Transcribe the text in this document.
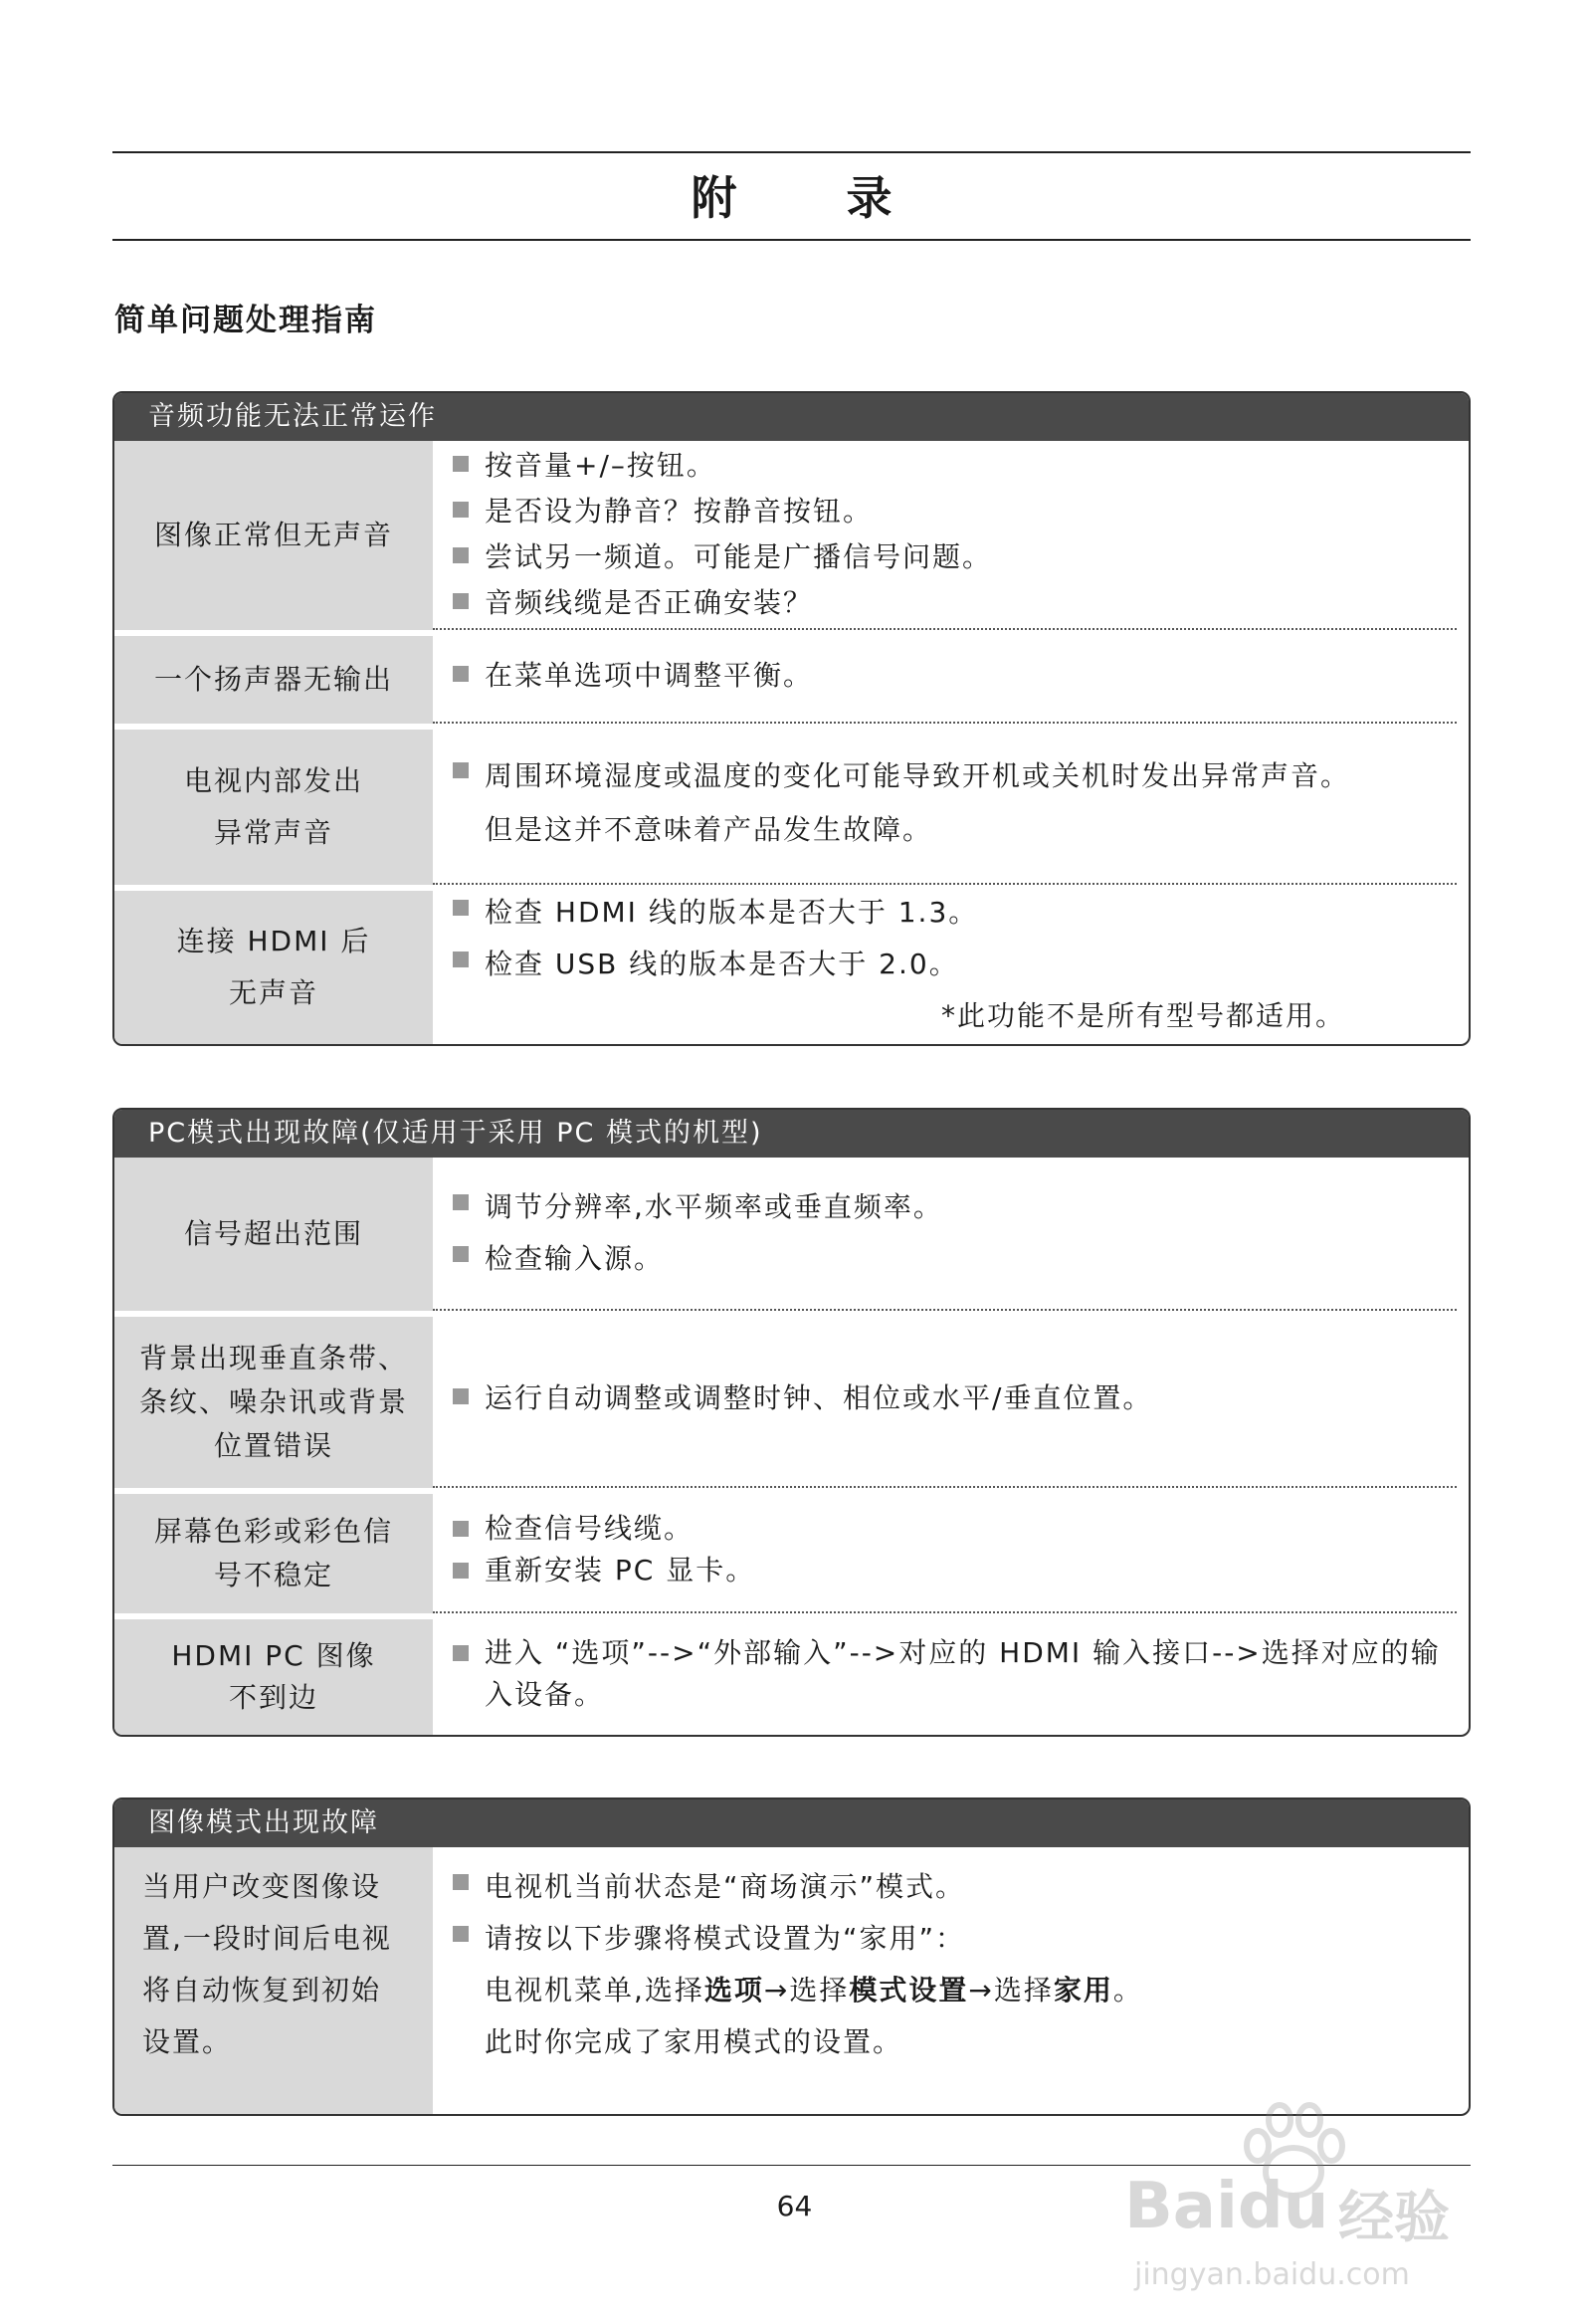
附录
简单问题处理指南
音频功能无法正常运作
图像正常但无声音
按音量+/–按钮。
是否设为静音？按静音按钮。
尝试另一频道。可能是广播信号问题。
音频线缆是否正确安装？
一个扬声器无输出	在菜单选项中调整平衡。
电视内部发出
异常声音
周围环境湿度或温度的变化可能导致开机或关机时发出异常声音。
但是这并不意味着产品发生故障。
连接 HDMI 后
无声音
检查 HDMI 线的版本是否大于 1.3。
检查 USB 线的版本是否大于 2.0。
*此功能不是所有型号都适用。
PC模式出现故障(仅适用于采用 PC 模式的机型)
信号超出范围
调节分辨率,水平频率或垂直频率。
检查输入源。
背景出现垂直条带、
条纹、噪杂讯或背景
位置错误
运行自动调整或调整时钟、相位或水平/垂直位置。
屏幕色彩或彩色信
号不稳定
检查信号线缆。
重新安装 PC 显卡。
HDMI PC 图像
不到边
进入 “选项”-->“外部输入”-->对应的 HDMI 输入接口-->选择对应的输入设备。
图像模式出现故障
当用户改变图像设
置,一段时间后电视
将自动恢复到初始
设置。
电视机当前状态是“商场演示”模式。
请按以下步骤将模式设置为“家用”：
电视机菜单,选择选项→选择模式设置→选择家用。
此时你完成了家用模式的设置。
64	Baidu 经验
jingyan.baidu.com
